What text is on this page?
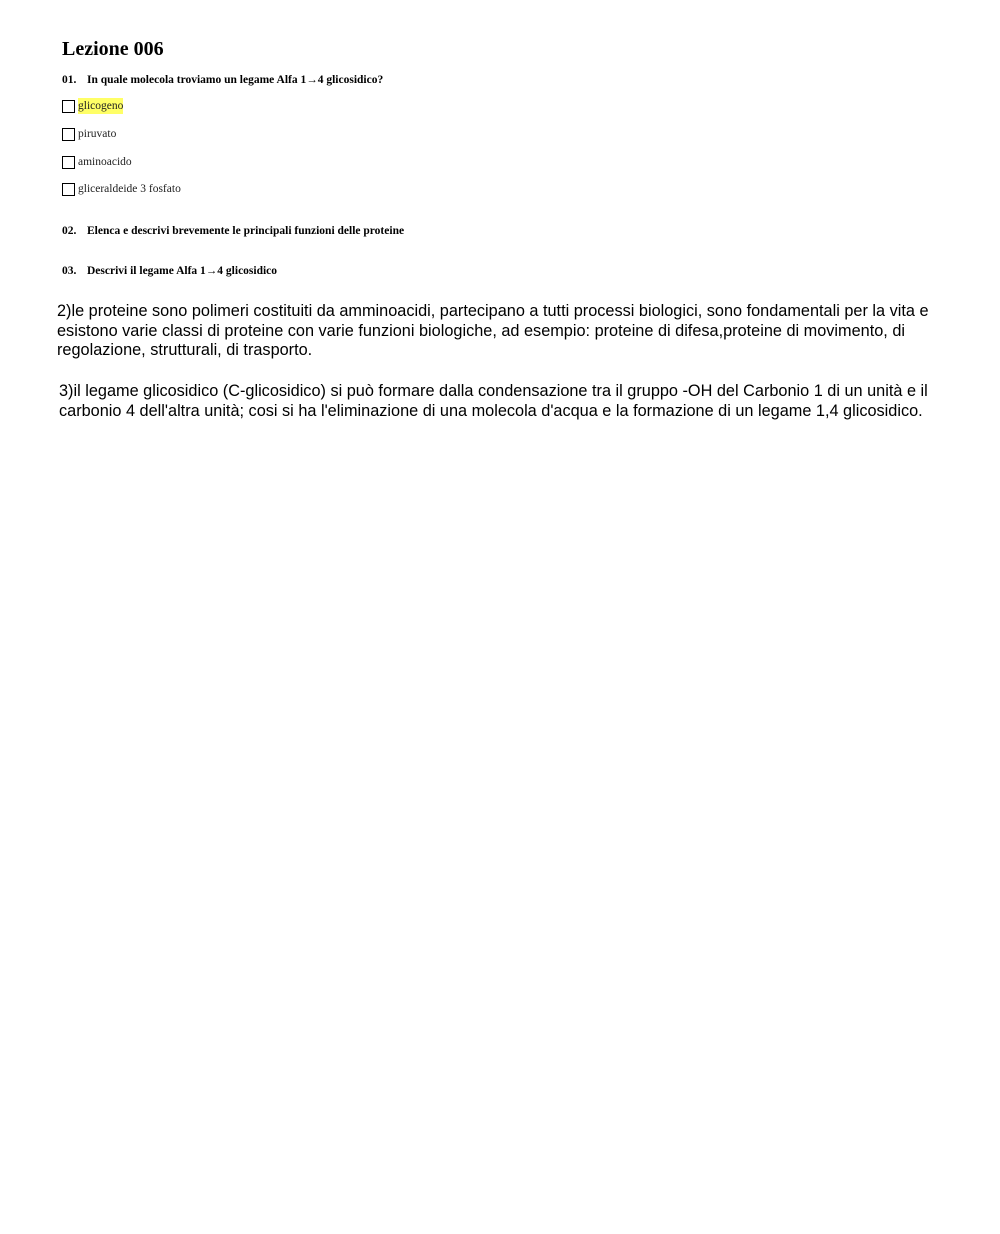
Lezione 006
01. In quale molecola troviamo un legame Alfa 1→4 glicosidico?
glicogeno
piruvato
aminoacido
gliceraldeide 3 fosfato
02. Elenca e descrivi brevemente le principali funzioni delle proteine
03. Descrivi il legame Alfa 1→4 glicosidico
2)le proteine sono polimeri costituiti da amminoacidi, partecipano a tutti processi biologici, sono fondamentali per la vita e esistono varie classi di proteine con varie funzioni biologiche, ad esempio: proteine di difesa,proteine di movimento, di regolazione, strutturali, di trasporto.
3)il legame glicosidico (C-glicosidico) si può formare dalla condensazione tra il gruppo -OH del Carbonio 1 di un unità e il carbonio 4 dell'altra unità; cosi si ha l'eliminazione di una molecola d'acqua e la formazione di un legame 1,4 glicosidico.
